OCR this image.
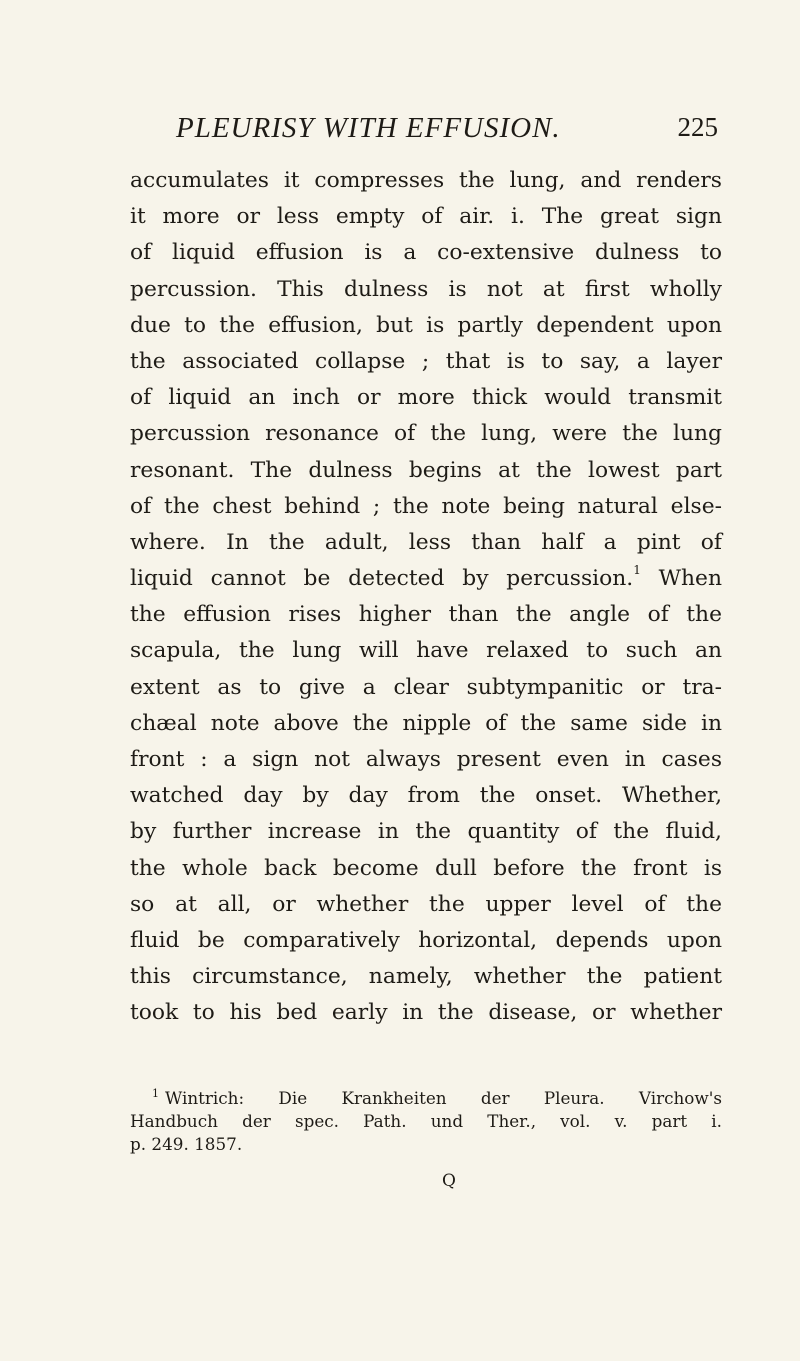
PLEURISY WITH EFFUSION.	225
accumulates it compresses the lung, and renders
it more or less empty of air. i. The great sign
of liquid effusion is a co-extensive dulness to
percussion. This dulness is not at first wholly
due to the effusion, but is partly dependent upon
the associated collapse ; that is to say, a layer
of liquid an inch or more thick would transmit
percussion resonance of the lung, were the lung
resonant. The dulness begins at the lowest part
of the chest behind ; the note being natural else-
where. In the adult, less than half a pint of
liquid cannot be detected by percussion.$^1$ When
the effusion rises higher than the angle of the
scapula, the lung will have relaxed to such an
extent as to give a clear subtympanitic or tra-
chæal note above the nipple of the same side in
front : a sign not always present even in cases
watched day by day from the onset. Whether,
by further increase in the quantity of the fluid,
the whole back become dull before the front is
so at all, or whether the upper level of the
fluid be comparatively horizontal, depends upon
this circumstance, namely, whether the patient
took to his bed early in the disease, or whether
$^1$ Wintrich: Die Krankheiten der Pleura. Virchow's
Handbuch der spec. Path. und Ther., vol. v. part i.
p. 249. 1857.
Q
